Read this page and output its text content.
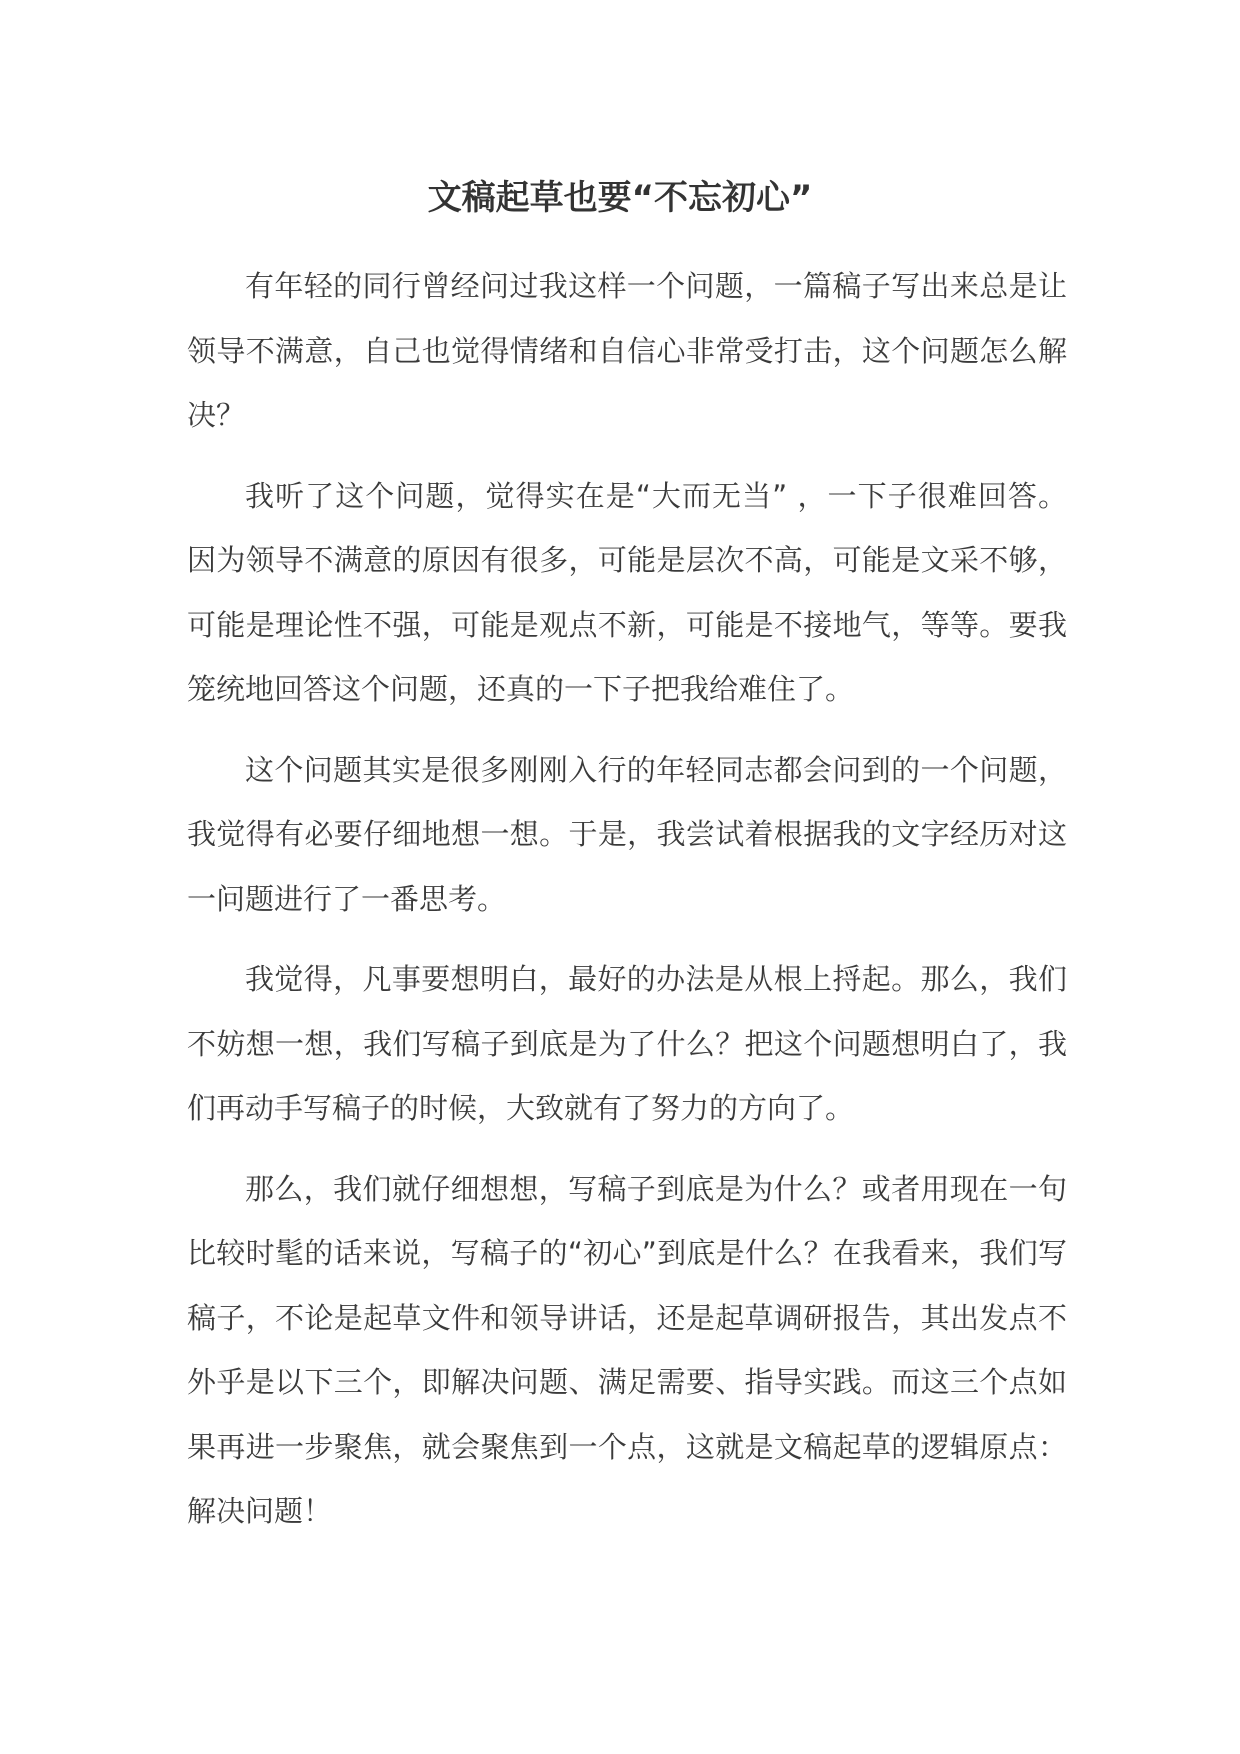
文稿起草也要“不忘初心”

有年轻的同行曾经问过我这样一个问题，一篇稿子写出来总是让领导不满意，自己也觉得情绪和自信心非常受打击，这个问题怎么解决？

我听了这个问题，觉得实在是“大而无当” ，一下子很难回答。因为领导不满意的原因有很多，可能是层次不高，可能是文采不够，可能是理论性不强，可能是观点不新，可能是不接地气，等等。要我笼统地回答这个问题，还真的一下子把我给难住了。

这个问题其实是很多刚刚入行的年轻同志都会问到的一个问题，我觉得有必要仔细地想一想。于是，我尝试着根据我的文字经历对这一问题进行了一番思考。

我觉得，凡事要想明白，最好的办法是从根上捋起。那么，我们不妨想一想，我们写稿子到底是为了什么？把这个问题想明白了，我们再动手写稿子的时候，大致就有了努力的方向了。

那么，我们就仔细想想，写稿子到底是为什么？或者用现在一句比较时髦的话来说，写稿子的“初心”到底是什么？在我看来，我们写稿子，不论是起草文件和领导讲话，还是起草调研报告，其出发点不外乎是以下三个，即解决问题、满足需要、指导实践。而这三个点如果再进一步聚焦，就会聚焦到一个点，这就是文稿起草的逻辑原点：解决问题！
